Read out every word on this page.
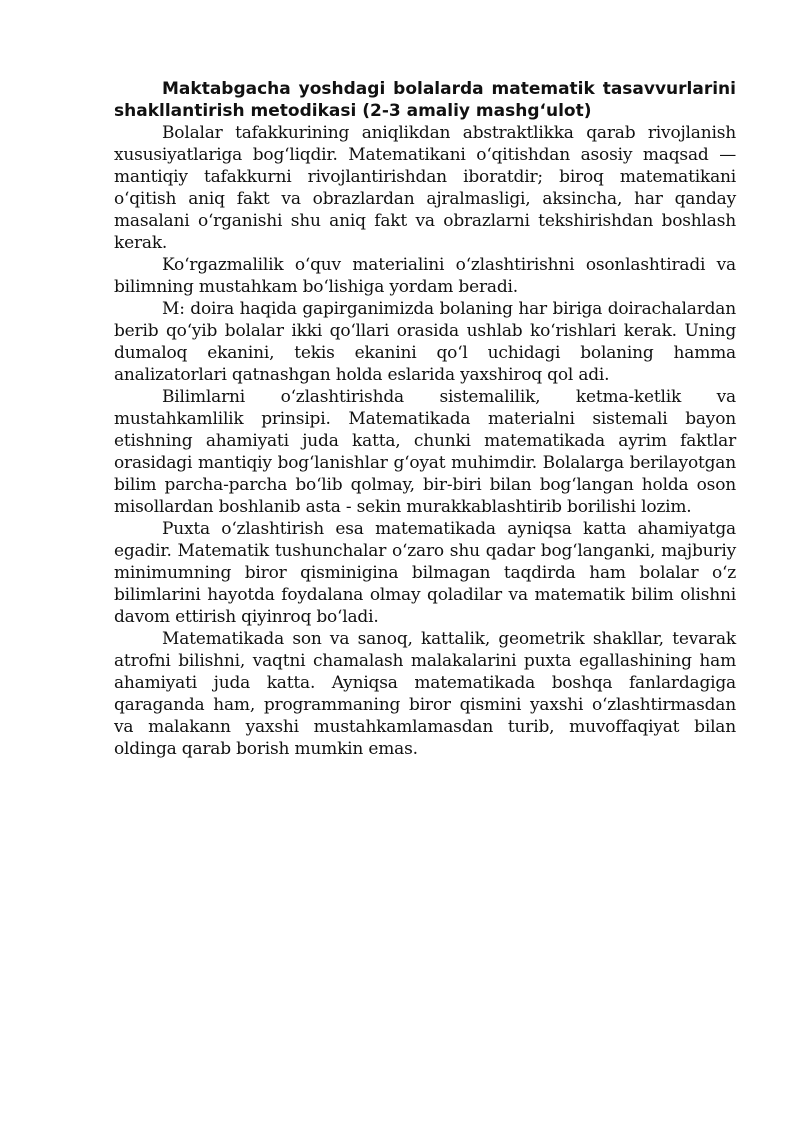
Maktabgacha yoshdagi bolalarda matematik tasavvurlarini shakllantirish metodikasi (2-3 amaliy mashg‘ulot)

Bolalar tafakkurining aniqlikdan abstraktlikka qarab rivojlanish xususiyatlariga bog‘liqdir. Matematikani o‘qitishdan asosiy maqsad — mantiqiy tafakkurni rivojlantirishdan iboratdir; biroq matematikani o‘qitish aniq fakt va obrazlardan ajralmasligi, aksincha, har qanday masalani o‘rganishi shu aniq fakt va obrazlarni tekshirishdan boshlash kerak.

Ko‘rgazmalilik o‘quv materialini o‘zlashtirishni osonlashtiradi va bilimning mustahkam bo‘lishiga yordam beradi.

M: doira haqida gapirganimizda bolaning har biriga doirachalardan berib qo‘yib bolalar ikki qo‘llari orasida ushlab ko‘rishlari kerak. Uning dumaloq ekanini, tekis ekanini qo‘l uchidagi bolaning hamma analizatorlari qatnashgan holda eslarida yaxshiroq qol adi.

Bilimlarni o‘zlashtirishda sistemalilik, ketma-ketlik va mustahkamlilik prinsipi. Matematikada materialni sistemali bayon etishning ahamiyati juda katta, chunki matematikada ayrim faktlar orasidagi mantiqiy bog‘lanishlar g‘oyat muhimdir. Bolalarga berilayotgan bilim parcha-parcha bo‘lib qolmay, bir-biri bilan bog‘langan holda oson misollardan boshlanib asta - sekin murakkablashtirib borilishi lozim.

Puxta o‘zlashtirish esa matematikada ayniqsa katta ahamiyatga egadir. Matematik tushunchalar o‘zaro shu qadar bog‘langanki, majburiy minimumning biror qisminigina bilmagan taqdirda ham bolalar o‘z bilimlarini hayotda foydalana olmay qoladilar va matematik bilim olishni davom ettirish qiyinroq bo‘ladi.

Matematikada son va sanoq, kattalik, geometrik shakllar, tevarak atrofni bilishni, vaqtni chamalash malakalarini puxta egallashining ham ahamiyati juda katta. Ayniqsa matematikada boshqa fanlardagiga qaraganda ham, programmaning biror qismini yaxshi o‘zlashtirmasdan va malakann yaxshi mustahkamlamasdan turib, muvoffaqiyat bilan oldinga qarab borish mumkin emas.
